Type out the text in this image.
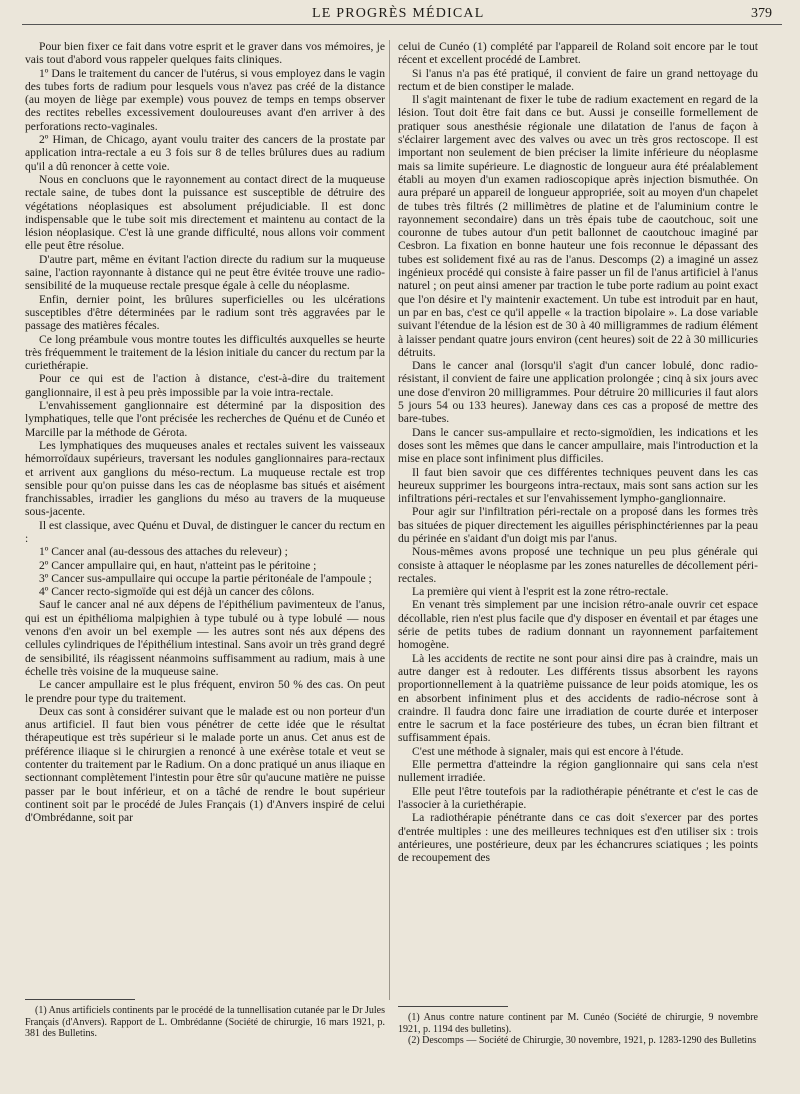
LE PROGRÈS MÉDICAL	379

Pour bien fixer ce fait dans votre esprit et le graver dans vos mémoires, je vais tout d'abord vous rappeler quelques faits cliniques.

1º Dans le traitement du cancer de l'utérus, si vous employez dans le vagin des tubes forts de radium pour lesquels vous n'avez pas créé de la distance (au moyen de liège par exemple) vous pouvez de temps en temps observer des rectites rebelles excessivement douloureuses avant d'en arriver à des perforations recto-vaginales.

2º Himan, de Chicago, ayant voulu traiter des cancers de la prostate par application intra-rectale a eu 3 fois sur 8 de telles brûlures dues au radium qu'il a dû renoncer à cette voie.

Nous en concluons que le rayonnement au contact direct de la muqueuse rectale saine, de tubes dont la puissance est susceptible de détruire des végétations néoplasiques est absolument préjudiciable. Il est donc indispensable que le tube soit mis directement et maintenu au contact de la lésion néoplasique. C'est là une grande difficulté, nous allons voir comment elle peut être résolue.

D'autre part, même en évitant l'action directe du radium sur la muqueuse saine, l'action rayonnante à distance qui ne peut être évitée trouve une radio-sensibilité de la muqueuse rectale presque égale à celle du néoplasme.

Enfin, dernier point, les brûlures superficielles ou les ulcérations susceptibles d'être déterminées par le radium sont très aggravées par le passage des matières fécales.

Ce long préambule vous montre toutes les difficultés auxquelles se heurte très fréquemment le traitement de la lésion initiale du cancer du rectum par la curiethérapie.

Pour ce qui est de l'action à distance, c'est-à-dire du traitement ganglionnaire, il est à peu près impossible par la voie intra-rectale.

L'envahissement ganglionnaire est déterminé par la disposition des lymphatiques, telle que l'ont précisée les recherches de Quénu et de Cunéo et Marcille par la méthode de Gérota.

Les lymphatiques des muqueuses anales et rectales suivent les vaisseaux hémorroïdaux supérieurs, traversant les nodules ganglionnaires para-rectaux et arrivent aux ganglions du méso-rectum. La muqueuse rectale est trop sensible pour qu'on puisse dans les cas de néoplasme bas situés et aisément franchissables, irradier les ganglions du méso au travers de la muqueuse sous-jacente.

Il est classique, avec Quénu et Duval, de distinguer le cancer du rectum en :

1º Cancer anal (au-dessous des attaches du releveur) ;

2º Cancer ampullaire qui, en haut, n'atteint pas le péritoine ;

3º Cancer sus-ampullaire qui occupe la partie péritonéale de l'ampoule ;

4º Cancer recto-sigmoïde qui est déjà un cancer des côlons.

Sauf le cancer anal né aux dépens de l'épithélium pavimenteux de l'anus, qui est un épithélioma malpighien à type tubulé ou à type lobulé — nous venons d'en avoir un bel exemple — les autres sont nés aux dépens des cellules cylindriques de l'épithélium intestinal. Sans avoir un très grand degré de sensibilité, ils réagissent néanmoins suffisamment au radium, mais à une échelle très voisine de la muqueuse saine.

Le cancer ampullaire est le plus fréquent, environ 50 % des cas. On peut le prendre pour type du traitement.

Deux cas sont à considérer suivant que le malade est ou non porteur d'un anus artificiel. Il faut bien vous pénétrer de cette idée que le résultat thérapeutique est très supérieur si le malade porte un anus. Cet anus est de préférence iliaque si le chirurgien a renoncé à une exérèse totale et veut se contenter du traitement par le Radium. On a donc pratiqué un anus iliaque en sectionnant complètement l'intestin pour être sûr qu'aucune matière ne puisse passer par le bout inférieur, et on a tâché de rendre le bout supérieur continent soit par le procédé de Jules Français (1) d'Anvers inspiré de celui d'Ombrédanne, soit par

celui de Cunéo (1) complété par l'appareil de Roland soit encore par le tout récent et excellent procédé de Lambret.

Si l'anus n'a pas été pratiqué, il convient de faire un grand nettoyage du rectum et de bien constiper le malade.

Il s'agit maintenant de fixer le tube de radium exactement en regard de la lésion. Tout doit être fait dans ce but. Aussi je conseille formellement de pratiquer sous anesthésie régionale une dilatation de l'anus de façon à s'éclairer largement avec des valves ou avec un très gros rectoscope. Il est important non seulement de bien préciser la limite inférieure du néoplasme mais sa limite supérieure. Le diagnostic de longueur aura été préalablement établi au moyen d'un examen radioscopique après injection bismuthée. On aura préparé un appareil de longueur appropriée, soit au moyen d'un chapelet de tubes très filtrés (2 millimètres de platine et de l'aluminium contre le rayonnement secondaire) dans un très épais tube de caoutchouc, soit une couronne de tubes autour d'un petit ballonnet de caoutchouc imaginé par Cesbron. La fixation en bonne hauteur une fois reconnue le dépassant des tubes est solidement fixé au ras de l'anus. Descomps (2) a imaginé un assez ingénieux procédé qui consiste à faire passer un fil de l'anus artificiel à l'anus naturel ; on peut ainsi amener par traction le tube porte radium au point exact que l'on désire et l'y maintenir exactement. Un tube est introduit par en haut, un par en bas, c'est ce qu'il appelle « la traction bipolaire ». La dose variable suivant l'étendue de la lésion est de 30 à 40 milligrammes de radium élément à laisser pendant quatre jours environ (cent heures) soit de 22 à 30 millicuries détruits.

Dans le cancer anal (lorsqu'il s'agit d'un cancer lobulé, donc radio-résistant, il convient de faire une application prolongée ; cinq à six jours avec une dose d'environ 20 milligrammes. Pour détruire 20 millicuries il faut alors 5 jours 54 ou 133 heures). Janeway dans ces cas a proposé de mettre des bare-tubes.

Dans le cancer sus-ampullaire et recto-sigmoïdien, les indications et les doses sont les mêmes que dans le cancer ampullaire, mais l'introduction et la mise en place sont infiniment plus difficiles.

Il faut bien savoir que ces différentes techniques peuvent dans les cas heureux supprimer les bourgeons intra-rectaux, mais sont sans action sur les infiltrations péri-rectales et sur l'envahissement lympho-ganglionnaire.

Pour agir sur l'infiltration péri-rectale on a proposé dans les formes très bas situées de piquer directement les aiguilles périsphinctériennes par la peau du périnée en s'aidant d'un doigt mis par l'anus.

Nous-mêmes avons proposé une technique un peu plus générale qui consiste à attaquer le néoplasme par les zones naturelles de décollement péri-rectales.

La première qui vient à l'esprit est la zone rétro-rectale.

En venant très simplement par une incision rétro-anale ouvrir cet espace décollable, rien n'est plus facile que d'y disposer en éventail et par étages une série de petits tubes de radium donnant un rayonnement parfaitement homogène.

Là les accidents de rectite ne sont pour ainsi dire pas à craindre, mais un autre danger est à redouter. Les différents tissus absorbent les rayons proportionnellement à la quatrième puissance de leur poids atomique, les os en absorbent infiniment plus et des accidents de radio-nécrose sont à craindre. Il faudra donc faire une irradiation de courte durée et interposer entre le sacrum et la face postérieure des tubes, un écran bien filtrant et suffisamment épais.

C'est une méthode à signaler, mais qui est encore à l'étude.

Elle permettra d'atteindre la région ganglionnaire qui sans cela n'est nullement irradiée.

Elle peut l'être toutefois par la radiothérapie pénétrante et c'est le cas de l'associer à la curiethérapie.

La radiothérapie pénétrante dans ce cas doit s'exercer par des portes d'entrée multiples : une des meilleures techniques est d'en utiliser six : trois antérieures, une postérieure, deux par les échancrures sciatiques ; les points de recoupement des

(1) Anus artificiels continents par le procédé de la tunnellisation cutanée par le Dr Jules Français (d'Anvers). Rapport de L. Ombrédanne (Société de chirurgie, 16 mars 1921, p. 381 des Bulletins.

(1) Anus contre nature continent par M. Cunéo (Société de chirurgie, 9 novembre 1921, p. 1194 des bulletins).

(2) Descomps — Société de Chirurgie, 30 novembre, 1921, p. 1283-1290 des Bulletins
